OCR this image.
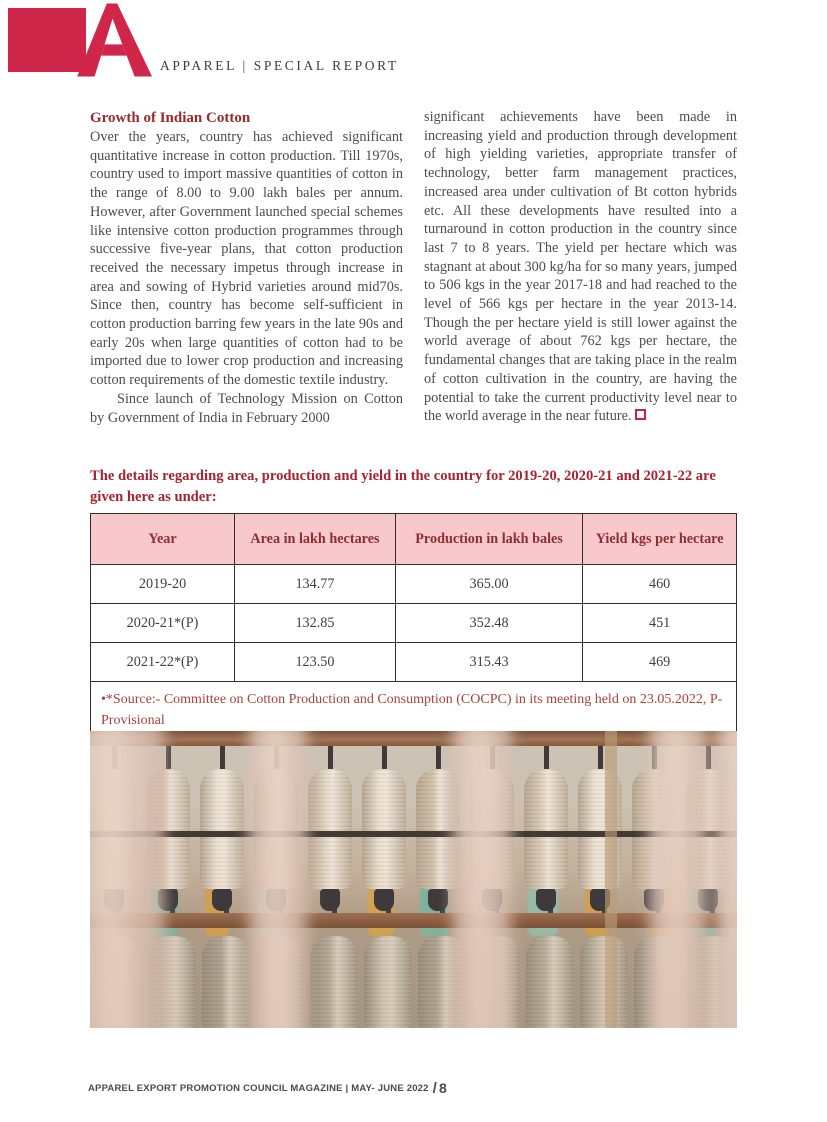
APPAREL | SPECIAL REPORT

Growth of Indian Cotton

Over the years, country has achieved significant quantitative increase in cotton production. Till 1970s, country used to import massive quantities of cotton in the range of 8.00 to 9.00 lakh bales per annum. However, after Government launched special schemes like intensive cotton production programmes through successive five-year plans, that cotton production received the necessary impetus through increase in area and sowing of Hybrid varieties around mid70s. Since then, country has become self-sufficient in cotton production barring few years in the late 90s and early 20s when large quantities of cotton had to be imported due to lower crop production and increasing cotton requirements of the domestic textile industry.

Since launch of Technology Mission on Cotton by Government of India in February 2000

significant achievements have been made in increasing yield and production through development of high yielding varieties, appropriate transfer of technology, better farm management practices, increased area under cultivation of Bt cotton hybrids etc. All these developments have resulted into a turnaround in cotton production in the country since last 7 to 8 years. The yield per hectare which was stagnant at about 300 kg/ha for so many years, jumped to 506 kgs in the year 2017-18 and had reached to the level of 566 kgs per hectare in the year 2013-14. Though the per hectare yield is still lower against the world average of about 762 kgs per hectare, the fundamental changes that are taking place in the realm of cotton cultivation in the country, are having the potential to take the current productivity level near to the world average in the near future.

The details regarding area, production and yield in the country for 2019-20, 2020-21 and 2021-22 are given here as under:
Year	Area in lakh hectares	Production in lakh bales	Yield kgs per hectare
2019-20	134.77	365.00	460
2020-21*(P)	132.85	352.48	451
2021-22*(P)	123.50	315.43	469
•*Source:- Committee on Cotton Production and Consumption (COCPC) in its meeting held on 23.05.2022, P-Provisional			
APPAREL EXPORT PROMOTION COUNCIL MAGAZINE | MAY- JUNE 2022 / 8
